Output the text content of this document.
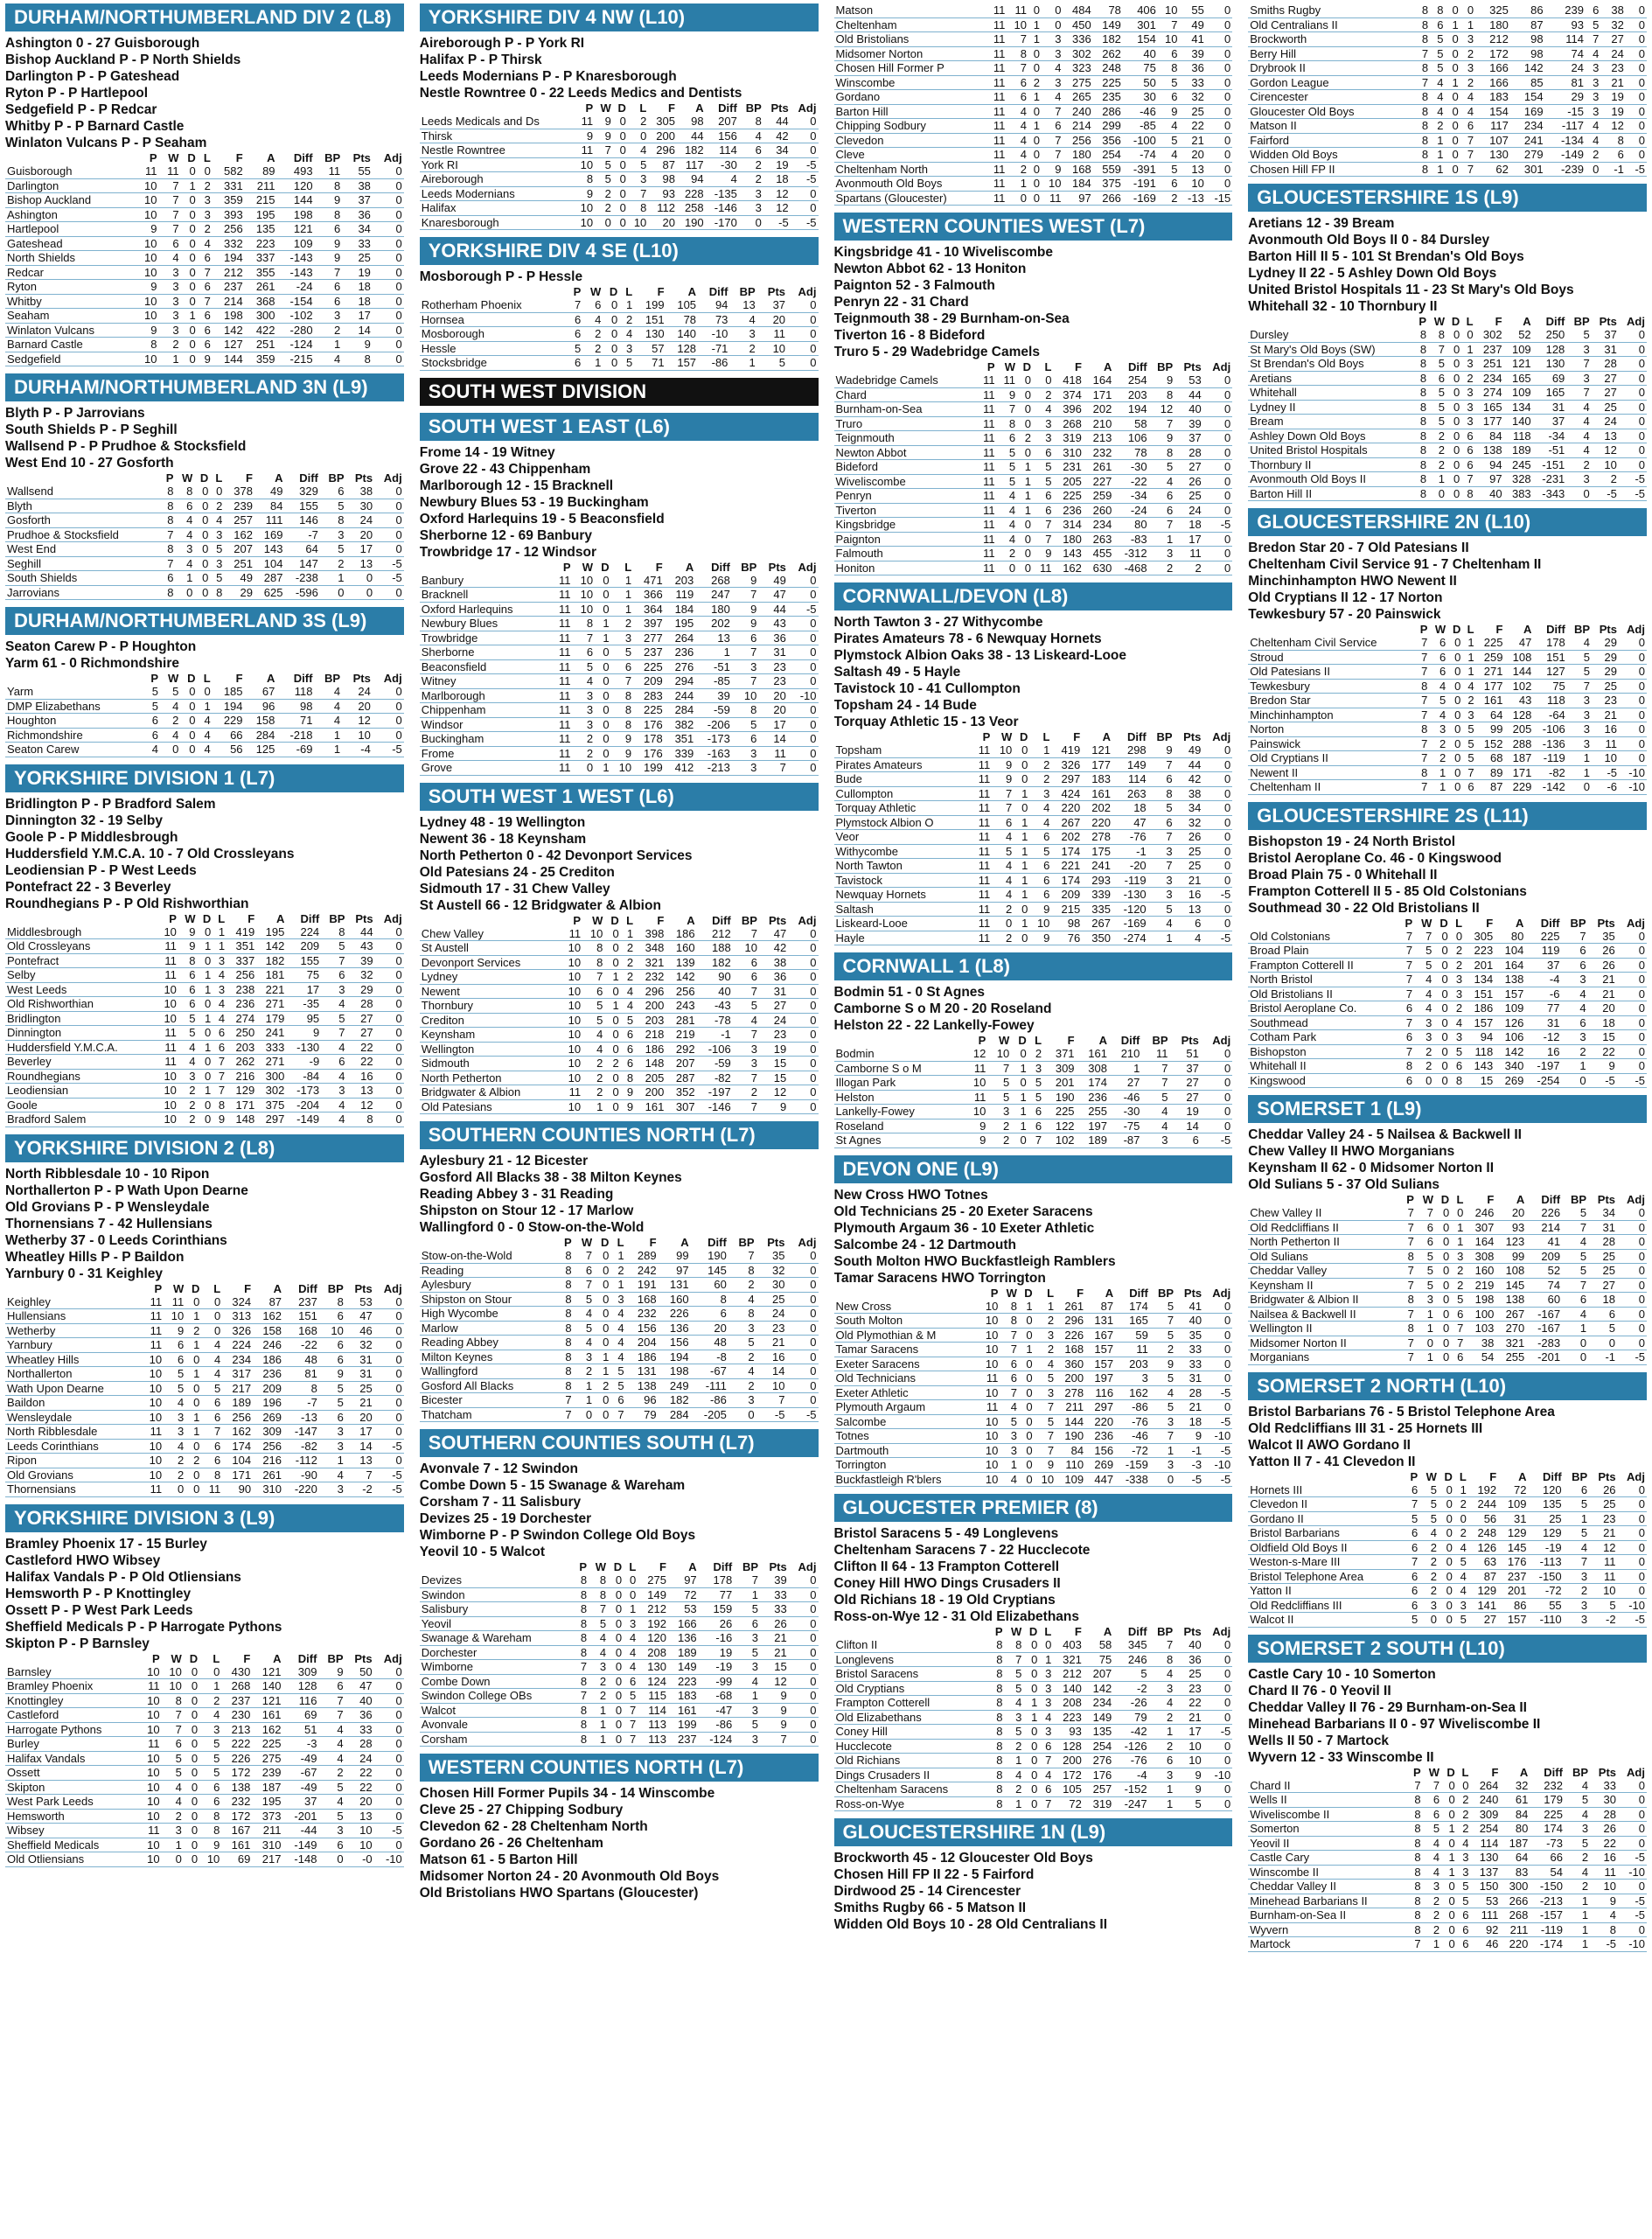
DURHAM/NORTHUMBERLAND DIV 2 (L8)
Ashington 0 - 27 Guisborough
Bishop Auckland P - P North Shields
Darlington P - P Gateshead
Ryton P - P Hartlepool
Sedgefield P - P Redcar
Whitby P - P Barnard Castle
Winlaton Vulcans P - P Seaham
	P	W	D	L	F	A	Diff	BP	Pts	Adj
Guisborough	11	11	0	0	582	89	493	11	55	0
Darlington	10	7	1	2	331	211	120	8	38	0
Bishop Auckland	10	7	0	3	359	215	144	9	37	0
Ashington	10	7	0	3	393	195	198	8	36	0
Hartlepool	9	7	0	2	256	135	121	6	34	0
Gateshead	10	6	0	4	332	223	109	9	33	0
North Shields	10	4	0	6	194	337	-143	9	25	0
Redcar	10	3	0	7	212	355	-143	7	19	0
Ryton	9	3	0	6	237	261	-24	6	18	0
Whitby	10	3	0	7	214	368	-154	6	18	0
Seaham	10	3	1	6	198	300	-102	3	17	0
Winlaton Vulcans	9	3	0	6	142	422	-280	2	14	0
Barnard Castle	8	2	0	6	127	251	-124	1	9	0
Sedgefield	10	1	0	9	144	359	-215	4	8	0
DURHAM/NORTHUMBERLAND 3N (L9)
Blyth P - P Jarrovians
South Shields P - P Seghill
Wallsend P - P Prudhoe & Stocksfield
West End 10 - 27 Gosforth
	P	W	D	L	F	A	Diff	BP	Pts	Adj
Wallsend	8	8	0	0	378	49	329	6	38	0
Blyth	8	6	0	2	239	84	155	5	30	0
Gosforth	8	4	0	4	257	111	146	8	24	0
Prudhoe & Stocksfield	7	4	0	3	162	169	-7	3	20	0
West End	8	3	0	5	207	143	64	5	17	0
Seghill	7	4	0	3	251	104	147	2	13	-5
South Shields	6	1	0	5	49	287	-238	1	0	-5
Jarrovians	8	0	0	8	29	625	-596	0	0	0
DURHAM/NORTHUMBERLAND 3S (L9)
Seaton Carew P - P Houghton
Yarm 61 - 0 Richmondshire
	P	W	D	L	F	A	Diff	BP	Pts	Adj
Yarm	5	5	0	0	185	67	118	4	24	0
DMP Elizabethans	5	4	0	1	194	96	98	4	20	0
Houghton	6	2	0	4	229	158	71	4	12	0
Richmondshire	6	4	0	4	66	284	-218	1	10	0
Seaton Carew	4	0	0	4	56	125	-69	1	-4	-5
YORKSHIRE DIVISION 1 (L7)
Bridlington P - P Bradford Salem
Dinnington 32 - 19 Selby
Goole P - P Middlesbrough
Huddersfield Y.M.C.A. 10 - 7 Old Crossleyans
Leodiensian P - P West Leeds
Pontefract 22 - 3 Beverley
Roundhegians P - P Old Rishworthian
	P	W	D	L	F	A	Diff	BP	Pts	Adj
Middlesbrough	10	9	0	1	419	195	224	8	44	0
Old Crossleyans	11	9	1	1	351	142	209	5	43	0
Pontefract	11	8	0	3	337	182	155	7	39	0
Selby	11	6	1	4	256	181	75	6	32	0
West Leeds	10	6	1	3	238	221	17	3	29	0
Old Rishworthian	10	6	0	4	236	271	-35	4	28	0
Bridlington	10	5	1	4	274	179	95	5	27	0
Dinnington	11	5	0	6	250	241	9	7	27	0
Huddersfield Y.M.C.A.	11	4	1	6	203	333	-130	4	22	0
Beverley	11	4	0	7	262	271	-9	6	22	0
Roundhegians	10	3	0	7	216	300	-84	4	16	0
Leodiensian	10	2	1	7	129	302	-173	3	13	0
Goole	10	2	0	8	171	375	-204	4	12	0
Bradford Salem	10	2	0	9	148	297	-149	4	8	0
YORKSHIRE DIVISION 2 (L8)
North Ribblesdale 10 - 10 Ripon
Northallerton P - P Wath Upon Dearne
Old Grovians P - P Wensleydale
Thornensians 7 - 42 Hullensians
Wetherby 37 - 0 Leeds Corinthians
Wheatley Hills P - P Baildon
Yarnbury 0 - 31 Keighley
	P	W	D	L	F	A	Diff	BP	Pts	Adj
Keighley	11	11	0	0	324	87	237	8	53	0
Hullensians	11	10	1	0	313	162	151	6	47	0
Wetherby	11	9	2	0	326	158	168	10	46	0
Yarnbury	11	6	1	4	224	246	-22	6	32	0
Wheatley Hills	10	6	0	4	234	186	48	6	31	0
Northallerton	10	5	1	4	317	236	81	9	31	0
Wath Upon Dearne	10	5	0	5	217	209	8	5	25	0
Baildon	10	4	0	6	189	196	-7	5	21	0
Wensleydale	10	3	1	6	256	269	-13	6	20	0
North Ribblesdale	11	3	1	7	162	309	-147	3	17	0
Leeds Corinthians	10	4	0	6	174	256	-82	3	14	-5
Ripon	10	2	2	6	104	216	-112	1	13	0
Old Grovians	10	2	0	8	171	261	-90	4	7	-5
Thornensians	11	0	0	11	90	310	-220	3	-2	-5
YORKSHIRE DIVISION 3 (L9)
Bramley Phoenix 17 - 15 Burley
Castleford HWO Wibsey
Halifax Vandals P - P Old Otliensians
Hemsworth P - P Knottingley
Ossett P - P West Park Leeds
Sheffield Medicals P - P Harrogate Pythons
Skipton P - P Barnsley
	P	W	D	L	F	A	Diff	BP	Pts	Adj
Barnsley	10	10	0	0	430	121	309	9	50	0
Bramley Phoenix	11	10	0	1	268	140	128	6	47	0
Knottingley	10	8	0	2	237	121	116	7	40	0
Castleford	10	7	0	4	230	161	69	7	36	0
Harrogate Pythons	10	7	0	3	213	162	51	4	33	0
Burley	11	6	0	5	222	225	-3	4	28	0
Halifax Vandals	10	5	0	5	226	275	-49	4	24	0
Ossett	10	5	0	5	172	239	-67	2	22	0
Skipton	10	4	0	6	138	187	-49	5	22	0
West Park Leeds	10	4	0	6	232	195	37	4	20	0
Hemsworth	10	2	0	8	172	373	-201	5	13	0
Wibsey	11	3	0	8	167	211	-44	3	10	-5
Sheffield Medicals	10	1	0	9	161	310	-149	6	10	0
Old Otliensians	10	0	0	10	69	217	-148	0	-0	-10
YORKSHIRE DIV 4 NW (L10)
Aireborough P - P York RI
Halifax P - P Thirsk
Leeds Modernians P - P Knaresborough
Nestle Rowntree 0 - 22 Leeds Medics and Dentists
	P	W	D	L	F	A	Diff	BP	Pts	Adj
Leeds Medicals and Ds	11	9	0	2	305	98	207	8	44	0
Thirsk	9	9	0	0	200	44	156	4	42	0
Nestle Rowntree	11	7	0	4	296	182	114	6	34	0
York RI	10	5	0	5	87	117	-30	2	19	-5
Aireborough	8	5	0	3	98	94	4	2	18	-5
Leeds Modernians	9	2	0	7	93	228	-135	3	12	0
Halifax	10	2	0	8	112	258	-146	3	12	0
Knaresborough	10	0	0	10	20	190	-170	0	-5	-5
YORKSHIRE DIV 4 SE (L10)
Mosborough P - P Hessle
	P	W	D	L	F	A	Diff	BP	Pts	Adj
Rotherham Phoenix	7	6	0	1	199	105	94	13	37	0
Hornsea	6	4	0	2	151	78	73	4	20	0
Mosborough	6	2	0	4	130	140	-10	3	11	0
Hessle	5	2	0	3	57	128	-71	2	10	0
Stocksbridge	6	1	0	5	71	157	-86	1	5	0
SOUTH WEST DIVISION
SOUTH WEST 1 EAST (L6)
Frome 14 - 19 Witney
Grove 22 - 43 Chippenham
Marlborough 12 - 15 Bracknell
Newbury Blues 53 - 19 Buckingham
Oxford Harlequins 19 - 5 Beaconsfield
Sherborne 12 - 69 Banbury
Trowbridge 17 - 12 Windsor
	P	W	D	L	F	A	Diff	BP	Pts	Adj
Banbury	11	10	0	1	471	203	268	9	49	0
Bracknell	11	10	0	1	366	119	247	7	47	0
Oxford Harlequins	11	10	0	1	364	184	180	9	44	-5
Newbury Blues	11	8	1	2	397	195	202	9	43	0
Trowbridge	11	7	1	3	277	264	13	6	36	0
Sherborne	11	6	0	5	237	236	1	7	31	0
Beaconsfield	11	5	0	6	225	276	-51	3	23	0
Witney	11	4	0	7	209	294	-85	7	23	0
Marlborough	11	3	0	8	283	244	39	10	20	-10
Chippenham	11	3	0	8	225	284	-59	8	20	0
Windsor	11	3	0	8	176	382	-206	5	17	0
Buckingham	11	2	0	9	178	351	-173	6	14	0
Frome	11	2	0	9	176	339	-163	3	11	0
Grove	11	0	1	10	199	412	-213	3	7	0
SOUTH WEST 1 WEST (L6)
Lydney 48 - 19 Wellington
Newent 36 - 18 Keynsham
North Petherton 0 - 42 Devonport Services
Old Patesians 24 - 25 Crediton
Sidmouth 17 - 31 Chew Valley
St Austell 66 - 12 Bridgwater & Albion
	P	W	D	L	F	A	Diff	BP	Pts	Adj
Chew Valley	11	10	0	1	398	186	212	7	47	0
St Austell	10	8	0	2	348	160	188	10	42	0
Devonport Services	10	8	0	2	321	139	182	6	38	0
Lydney	10	7	1	2	232	142	90	6	36	0
Newent	10	6	0	4	296	256	40	7	31	0
Thornbury	10	5	1	4	200	243	-43	5	27	0
Crediton	10	5	0	5	203	281	-78	4	24	0
Keynsham	10	4	0	6	218	219	-1	7	23	0
Wellington	10	4	0	6	186	292	-106	3	19	0
Sidmouth	10	2	2	6	148	207	-59	3	15	0
North Petherton	10	2	0	8	205	287	-82	7	15	0
Bridgwater & Albion	11	2	0	9	200	352	-197	2	12	0
Old Patesians	10	1	0	9	161	307	-146	7	9	0
SOUTHERN COUNTIES NORTH (L7)
Aylesbury 21 - 12 Bicester
Gosford All Blacks 38 - 38 Milton Keynes
Reading Abbey 3 - 31 Reading
Shipston on Stour 12 - 17 Marlow
Wallingford 0 - 0 Stow-on-the-Wold
	P	W	D	L	F	A	Diff	BP	Pts	Adj
Stow-on-the-Wold	8	7	0	1	289	99	190	7	35	0
Reading	8	6	0	2	242	97	145	8	32	0
Aylesbury	8	7	0	1	191	131	60	2	30	0
Shipston on Stour	8	5	0	3	168	160	8	4	25	0
High Wycombe	8	4	0	4	232	226	6	8	24	0
Marlow	8	5	0	4	156	136	20	3	23	0
Reading Abbey	8	4	0	4	204	156	48	5	21	0
Milton Keynes	8	3	1	4	186	194	-8	2	16	0
Wallingford	8	2	1	5	131	198	-67	4	14	0
Gosford All Blacks	8	1	2	5	138	249	-111	2	10	0
Bicester	7	1	0	6	96	182	-86	3	7	0
Thatcham	7	0	0	7	79	284	-205	0	-5	-5
SOUTHERN COUNTIES SOUTH (L7)
Avonvale 7 - 12 Swindon
Combe Down 5 - 15 Swanage & Wareham
Corsham 7 - 11 Salisbury
Devizes 25 - 19 Dorchester
Wimborne P - P Swindon College Old Boys
Yeovil 10 - 5 Walcot
	P	W	D	L	F	A	Diff	BP	Pts	Adj
Devizes	8	8	0	0	275	97	178	7	39	0
Swindon	8	8	0	0	149	72	77	1	33	0
Salisbury	8	7	0	1	212	53	159	5	33	0
Yeovil	8	5	0	3	192	166	26	6	26	0
Swanage & Wareham	8	4	0	4	120	136	-16	3	21	0
Dorchester	8	4	0	4	208	189	19	5	21	0
Wimborne	7	3	0	4	130	149	-19	3	15	0
Combe Down	8	2	0	6	124	223	-99	4	12	0
Swindon College OBs	7	2	0	5	115	183	-68	1	9	0
Walcot	8	1	0	7	114	161	-47	3	9	0
Avonvale	8	1	0	7	113	199	-86	5	9	0
Corsham	8	1	0	7	113	237	-124	3	7	0
WESTERN COUNTIES NORTH (L7)
Chosen Hill Former Pupils 34 - 14 Winscombe
Cleve 25 - 27 Chipping Sodbury
Clevedon 62 - 28 Cheltenham North
Gordano 26 - 26 Cheltenham
Matson 61 - 5 Barton Hill
Midsomer Norton 24 - 20 Avonmouth Old Boys
Old Bristolians HWO Spartans (Gloucester)
Matson	11	11	0	0	484	78	406	10	55	0
Cheltenham	11	10	1	0	450	149	301	7	49	0
Old Bristolians	11	7	1	3	336	182	154	10	41	0
Midsomer Norton	11	8	0	3	302	262	40	6	39	0
Chosen Hill Former P	11	7	0	4	323	248	75	8	36	0
Winscombe	11	6	2	3	275	225	50	5	33	0
Gordano	11	6	1	4	265	235	30	6	32	0
Barton Hill	11	4	0	7	240	286	-46	9	25	0
Chipping Sodbury	11	4	1	6	214	299	-85	4	22	0
Clevedon	11	4	0	7	256	356	-100	5	21	0
Cleve	11	4	0	7	180	254	-74	4	20	0
Cheltenham North	11	2	0	9	168	559	-391	5	13	0
Avonmouth Old Boys	11	1	0	10	184	375	-191	6	10	0
Spartans (Gloucester)	11	0	0	11	97	266	-169	2	-13	-15
WESTERN COUNTIES WEST (L7)
Kingsbridge 41 - 10 Wiveliscombe
Newton Abbot 62 - 13 Honiton
Paignton 52 - 3 Falmouth
Penryn 22 - 31 Chard
Teignmouth 38 - 29 Burnham-on-Sea
Tiverton 16 - 8 Bideford
Truro 5 - 29 Wadebridge Camels
	P	W	D	L	F	A	Diff	BP	Pts	Adj
Wadebridge Camels	11	11	0	0	418	164	254	9	53	0
Chard	11	9	0	2	374	171	203	8	44	0
Burnham-on-Sea	11	7	0	4	396	202	194	12	40	0
Truro	11	8	0	3	268	210	58	7	39	0
Teignmouth	11	6	2	3	319	213	106	9	37	0
Newton Abbot	11	5	0	6	310	232	78	8	28	0
Bideford	11	5	1	5	231	261	-30	5	27	0
Wiveliscombe	11	5	1	5	205	227	-22	4	26	0
Penryn	11	4	1	6	225	259	-34	6	25	0
Tiverton	11	4	1	6	236	260	-24	6	24	0
Kingsbridge	11	4	0	7	314	234	80	7	18	-5
Paignton	11	4	0	7	180	263	-83	1	17	0
Falmouth	11	2	0	9	143	455	-312	3	11	0
Honiton	11	0	0	11	162	630	-468	2	2	0
CORNWALL/DEVON (L8)
North Tawton 3 - 27 Withycombe
Pirates Amateurs 78 - 6 Newquay Hornets
Plymstock Albion Oaks 38 - 13 Liskeard-Looe
Saltash 49 - 5 Hayle
Tavistock 10 - 41 Cullompton
Topsham 24 - 14 Bude
Torquay Athletic 15 - 13 Veor
	P	W	D	L	F	A	Diff	BP	Pts	Adj
Topsham	11	10	0	1	419	121	298	9	49	0
Pirates Amateurs	11	9	0	2	326	177	149	7	44	0
Bude	11	9	0	2	297	183	114	6	42	0
Cullompton	11	7	1	3	424	161	263	8	38	0
Torquay Athletic	11	7	0	4	220	202	18	5	34	0
Plymstock Albion O	11	6	1	4	267	220	47	6	32	0
Veor	11	4	1	6	202	278	-76	7	26	0
Withycombe	11	5	1	5	174	175	-1	3	25	0
North Tawton	11	4	1	6	221	241	-20	7	25	0
Tavistock	11	4	1	6	174	293	-119	3	21	0
Newquay Hornets	11	4	1	6	209	339	-130	3	16	-5
Saltash	11	2	0	9	215	335	-120	5	13	0
Liskeard-Looe	11	0	1	10	98	267	-169	4	6	0
Hayle	11	2	0	9	76	350	-274	1	4	-5
CORNWALL 1 (L8)
Bodmin 51 - 0 St Agnes
Camborne S o M 20 - 20 Roseland
Helston 22 - 22 Lankelly-Fowey
	P	W	D	L	F	A	Diff	BP	Pts	Adj
Bodmin	12	10	0	2	371	161	210	11	51	0
Camborne S o M	11	7	1	3	309	308	1	7	37	0
Illogan Park	10	5	0	5	201	174	27	7	27	0
Helston	11	5	1	5	190	236	-46	5	27	0
Lankelly-Fowey	10	3	1	6	225	255	-30	4	19	0
Roseland	9	2	1	6	122	197	-75	4	14	0
St Agnes	9	2	0	7	102	189	-87	3	6	-5
DEVON ONE (L9)
New Cross HWO Totnes
Old Technicians 25 - 20 Exeter Saracens
Plymouth Argaum 36 - 10 Exeter Athletic
Salcombe 24 - 12 Dartmouth
South Molton HWO Buckfastleigh Ramblers
Tamar Saracens HWO Torrington
	P	W	D	L	F	A	Diff	BP	Pts	Adj
New Cross	10	8	1	1	261	87	174	5	41	0
South Molton	10	8	0	2	296	131	165	7	40	0
Old Plymothian & M	10	7	0	3	226	167	59	5	35	0
Tamar Saracens	10	7	1	2	168	157	11	2	33	0
Exeter Saracens	10	6	0	4	360	157	203	9	33	0
Old Technicians	11	6	0	5	200	197	3	5	31	0
Exeter Athletic	10	7	0	3	278	116	162	4	28	-5
Plymouth Argaum	11	4	0	7	211	297	-86	5	21	0
Salcombe	10	5	0	5	144	220	-76	3	18	-5
Totnes	10	3	0	7	190	236	-46	7	9	-10
Dartmouth	10	3	0	7	84	156	-72	1	-1	-5
Torrington	10	1	0	9	110	269	-159	3	-3	-10
Buckfastleigh R'blers	10	4	0	10	109	447	-338	0	-5	-5
GLOUCESTER PREMIER (8)
Bristol Saracens 5 - 49 Longlevens
Cheltenham Saracens 7 - 22 Hucclecote
Clifton II 64 - 13 Frampton Cotterell
Coney Hill HWO Dings Crusaders II
Old Richians 18 - 19 Old Cryptians
Ross-on-Wye 12 - 31 Old Elizabethans
	P	W	D	L	F	A	Diff	BP	Pts	Adj
Clifton II	8	8	0	0	403	58	345	7	40	0
Longlevens	8	7	0	1	321	75	246	8	36	0
Bristol Saracens	8	5	0	3	212	207	5	4	25	0
Old Cryptians	8	5	0	3	140	142	-2	3	23	0
Frampton Cotterell	8	4	1	3	208	234	-26	4	22	0
Old Elizabethans	8	3	1	4	223	149	79	2	21	0
Coney Hill	8	5	0	3	93	135	-42	1	17	-5
Hucclecote	8	2	0	6	128	254	-126	2	10	0
Old Richians	8	1	0	7	200	276	-76	6	10	0
Dings Crusaders II	8	4	0	4	172	176	-4	3	9	-10
Cheltenham Saracens	8	2	0	6	105	257	-152	1	9	0
Ross-on-Wye	8	1	0	7	72	319	-247	1	5	0
GLOUCESTERSHIRE 1N (L9)
Brockworth 45 - 12 Gloucester Old Boys
Chosen Hill FP II 22 - 5 Fairford
Dirdwood 25 - 14 Cirencester
Smiths Rugby 66 - 5 Matson II
Widden Old Boys 10 - 28 Old Centralians II
Smiths Rugby	8	8	0	0	325	86	239	6	38	0
Old Centralians II	8	6	1	1	180	87	93	5	32	0
Brockworth	8	5	0	3	212	98	114	7	27	0
Berry Hill	7	5	0	2	172	98	74	4	24	0
Drybrook II	8	5	0	3	166	142	24	3	23	0
Gordon League	7	4	1	2	166	85	81	3	21	0
Cirencester	8	4	0	4	183	154	29	3	19	0
Gloucester Old Boys	8	4	0	4	154	169	-15	3	19	0
Matson II	8	2	0	6	117	234	-117	4	12	0
Fairford	8	1	0	7	107	241	-134	4	8	0
Widden Old Boys	8	1	0	7	130	279	-149	2	6	0
Chosen Hill FP II	8	1	0	7	62	301	-239	0	-1	-5
GLOUCESTERSHIRE 1S (L9)
Aretians 12 - 39 Bream
Avonmouth Old Boys II 0 - 84 Dursley
Barton Hill II 5 - 101 St Brendan's Old Boys
Lydney II 22 - 5 Ashley Down Old Boys
United Bristol Hospitals 11 - 23 St Mary's Old Boys
Whitehall 32 - 10 Thornbury II
	P	W	D	L	F	A	Diff	BP	Pts	Adj
Dursley	8	8	0	0	302	52	250	5	37	0
St Mary's Old Boys (SW)	8	7	0	1	237	109	128	3	31	0
St Brendan's Old Boys	8	5	0	3	251	121	130	7	28	0
Aretians	8	6	0	2	234	165	69	3	27	0
Whitehall	8	5	0	3	274	109	165	7	27	0
Lydney II	8	5	0	3	165	134	31	4	25	0
Bream	8	5	0	3	177	140	37	4	24	0
Ashley Down Old Boys	8	2	0	6	84	118	-34	4	13	0
United Bristol Hospitals	8	2	0	6	138	189	-51	4	12	0
Thornbury II	8	2	0	6	94	245	-151	2	10	0
Avonmouth Old Boys II	8	1	0	7	97	328	-231	3	2	-5
Barton Hill II	8	0	0	8	40	383	-343	0	-5	-5
GLOUCESTERSHIRE 2N (L10)
Bredon Star 20 - 7 Old Patesians II
Cheltenham Civil Service 91 - 7 Cheltenham II
Minchinhampton HWO Newent II
Old Cryptians II 12 - 17 Norton
Tewkesbury 57 - 20 Painswick
	P	W	D	L	F	A	Diff	BP	Pts	Adj
Cheltenham Civil Service	7	6	0	1	225	47	178	4	29	0
Stroud	7	6	0	1	259	108	151	5	29	0
Old Patesians II	7	6	0	1	271	144	127	5	29	0
Tewkesbury	8	4	0	4	177	102	75	7	25	0
Bredon Star	7	5	0	2	161	43	118	3	23	0
Minchinhampton	7	4	0	3	64	128	-64	3	21	0
Norton	8	3	0	5	99	205	-106	3	16	0
Painswick	7	2	0	5	152	288	-136	3	11	0
Old Cryptians II	7	2	0	5	68	187	-119	1	10	0
Newent II	8	1	0	7	89	171	-82	1	-5	-10
Cheltenham II	7	1	0	6	87	229	-142	0	-6	-10
GLOUCESTERSHIRE 2S (L11)
Bishopston 19 - 24 North Bristol
Bristol Aeroplane Co. 46 - 0 Kingswood
Broad Plain 75 - 0 Whitehall II
Frampton Cotterell II 5 - 85 Old Colstonians
Southmead 30 - 22 Old Bristolians II
	P	W	D	L	F	A	Diff	BP	Pts	Adj
Old Colstonians	7	7	0	0	305	80	225	7	35	0
Broad Plain	7	5	0	2	223	104	119	6	26	0
Frampton Cotterell II	7	5	0	2	201	164	37	6	26	0
North Bristol	7	4	0	3	134	138	-4	3	21	0
Old Bristolians II	7	4	0	3	151	157	-6	4	21	0
Bristol Aeroplane Co.	6	4	0	2	186	109	77	4	20	0
Southmead	7	3	0	4	157	126	31	6	18	0
Cotham Park	6	3	0	3	94	106	-12	3	15	0
Bishopston	7	2	0	5	118	142	16	2	22	0
Whitehall II	8	2	0	6	143	340	-197	1	9	0
Kingswood	6	0	0	8	15	269	-254	0	-5	-5
SOMERSET 1 (L9)
Cheddar Valley 24 - 5 Nailsea & Backwell II
Chew Valley II HWO Morganians
Keynsham II 62 - 0 Midsomer Norton II
Old Sulians 5 - 37 Old Sulians
	P	W	D	L	F	A	Diff	BP	Pts	Adj
Chew Valley II	7	7	0	0	246	20	226	5	34	0
Old Redcliffians II	7	6	0	1	307	93	214	7	31	0
North Petherton II	7	6	0	1	164	123	41	4	28	0
Old Sulians	8	5	0	3	308	99	209	5	25	0
Cheddar Valley	7	5	0	2	160	108	52	5	25	0
Keynsham II	7	5	0	2	219	145	74	7	27	0
Bridgwater & Albion II	8	3	0	5	198	138	60	6	18	0
Nailsea & Backwell II	7	1	0	6	100	267	-167	4	6	0
Wellington II	8	1	0	7	103	270	-167	1	5	0
Midsomer Norton II	7	0	0	7	38	321	-283	0	0	0
Morganians	7	1	0	6	54	255	-201	0	-1	-5
SOMERSET 2 NORTH (L10)
Bristol Barbarians 76 - 5 Bristol Telephone Area
Old Redcliffians III 31 - 25 Hornets III
Walcot II AWO Gordano II
Yatton II 7 - 41 Clevedon II
	P	W	D	L	F	A	Diff	BP	Pts	Adj
Hornets III	6	5	0	1	192	72	120	6	26	0
Clevedon II	7	5	0	2	244	109	135	5	25	0
Gordano II	5	5	0	0	56	31	25	1	23	0
Bristol Barbarians	6	4	0	2	248	129	129	5	21	0
Oldfield Old Boys II	6	2	0	4	126	145	-19	4	12	0
Weston-s-Mare III	7	2	0	5	63	176	-113	7	11	0
Bristol Telephone Area	6	2	0	4	87	237	-150	3	11	0
Yatton II	6	2	0	4	129	201	-72	2	10	0
Old Redcliffians III	6	3	0	3	141	86	55	3	5	-10
Walcot II	5	0	0	5	27	157	-110	3	-2	-5
SOMERSET 2 SOUTH (L10)
Castle Cary 10 - 10 Somerton
Chard II 76 - 0 Yeovil II
Cheddar Valley II 76 - 29 Burnham-on-Sea II
Minehead Barbarians II 0 - 97 Wiveliscombe II
Wells II 50 - 7 Martock
Wyvern 12 - 33 Winscombe II
	P	W	D	L	F	A	Diff	BP	Pts	Adj
Chard II	7	7	0	0	264	32	232	4	33	0
Wells II	8	6	0	2	240	61	179	5	30	0
Wiveliscombe II	8	6	0	2	309	84	225	4	28	0
Somerton	8	5	1	2	254	80	174	3	26	0
Yeovil II	8	4	0	4	114	187	-73	5	22	0
Castle Cary	8	4	1	3	130	64	66	2	16	-5
Winscombe II	8	4	1	3	137	83	54	4	11	-10
Cheddar Valley II	8	3	0	5	150	300	-150	2	10	0
Minehead Barbarians II	8	2	0	5	53	266	-213	1	9	-5
Burnham-on-Sea II	8	2	0	6	111	268	-157	1	4	-5
Wyvern	8	2	0	6	92	211	-119	1	8	0
Martock	7	1	0	6	46	220	-174	1	-5	-10
